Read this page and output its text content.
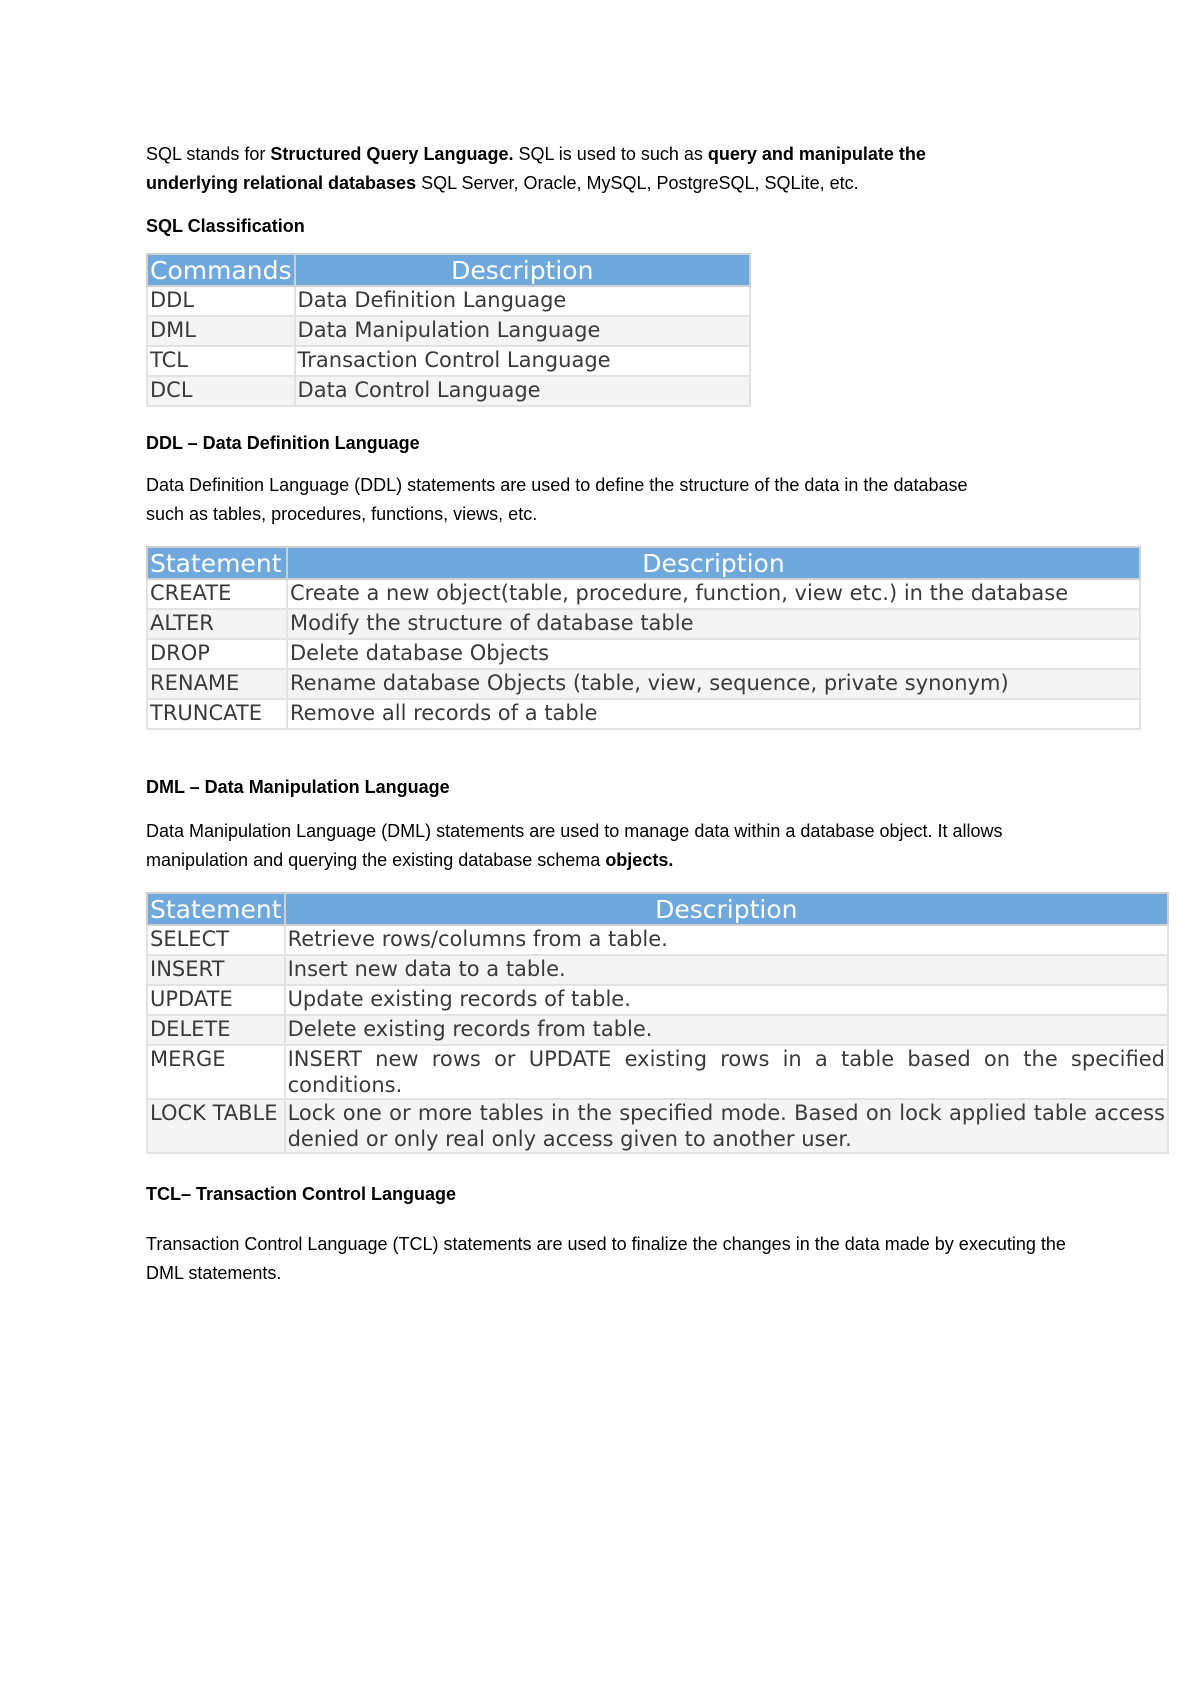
SQL stands for Structured Query Language. SQL is used to such as query and manipulate the underlying relational databases SQL Server, Oracle, MySQL, PostgreSQL, SQLite, etc.

SQL Classification

Commands	Description
DDL	Data Definition Language
DML	Data Manipulation Language
TCL	Transaction Control Language
DCL	Data Control Language

DDL – Data Definition Language

Data Definition Language (DDL) statements are used to define the structure of the data in the database such as tables, procedures, functions, views, etc.

Statement	Description
CREATE	Create a new object(table, procedure, function, view etc.) in the database
ALTER	Modify the structure of database table
DROP	Delete database Objects
RENAME	Rename database Objects (table, view, sequence, private synonym)
TRUNCATE	Remove all records of a table

DML – Data Manipulation Language

Data Manipulation Language (DML) statements are used to manage data within a database object. It allows manipulation and querying the existing database schema objects.

Statement	Description
SELECT	Retrieve rows/columns from a table.
INSERT	Insert new data to a table.
UPDATE	Update existing records of table.
DELETE	Delete existing records from table.
MERGE	INSERT new rows or UPDATE existing rows in a table based on the specified conditions.
LOCK TABLE	Lock one or more tables in the specified mode. Based on lock applied table access denied or only real only access given to another user.

TCL– Transaction Control Language

Transaction Control Language (TCL) statements are used to finalize the changes in the data made by executing the DML statements.
